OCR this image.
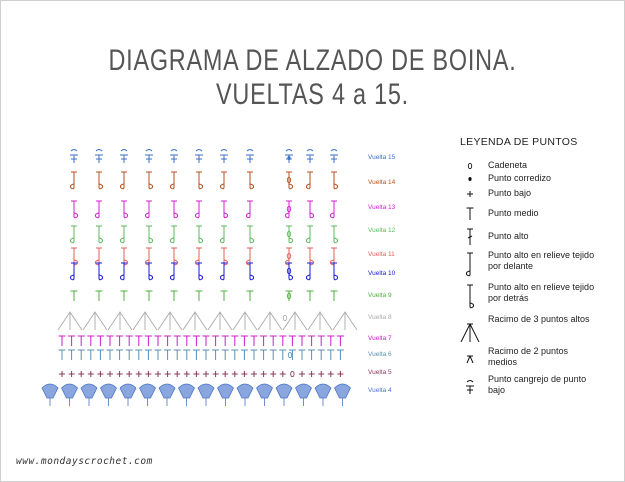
DIAGRAMA DE ALZADO DE BOINA. VUELTAS 4 a 15.
Vuelta 15
Vuelta 14
Vuelta 13
Vuelta 12
Vuelta 11
Vuelta 10
Vuelta 9
Vuelta 8
Vuelta 7
Vuelta 6
Vuelta 5
Vuelta 4
LEYENDA DE PUNTOS
Cadeneta
Punto corredizo
Punto bajo
Punto medio
Punto alto
Punto alto en relieve tejido por delante
Punto alto en relieve tejido por detrás
Racimo de 3 puntos altos
Racimo de 2 puntos medios
Punto cangrejo de punto bajo
www.mondayscrochet.com
